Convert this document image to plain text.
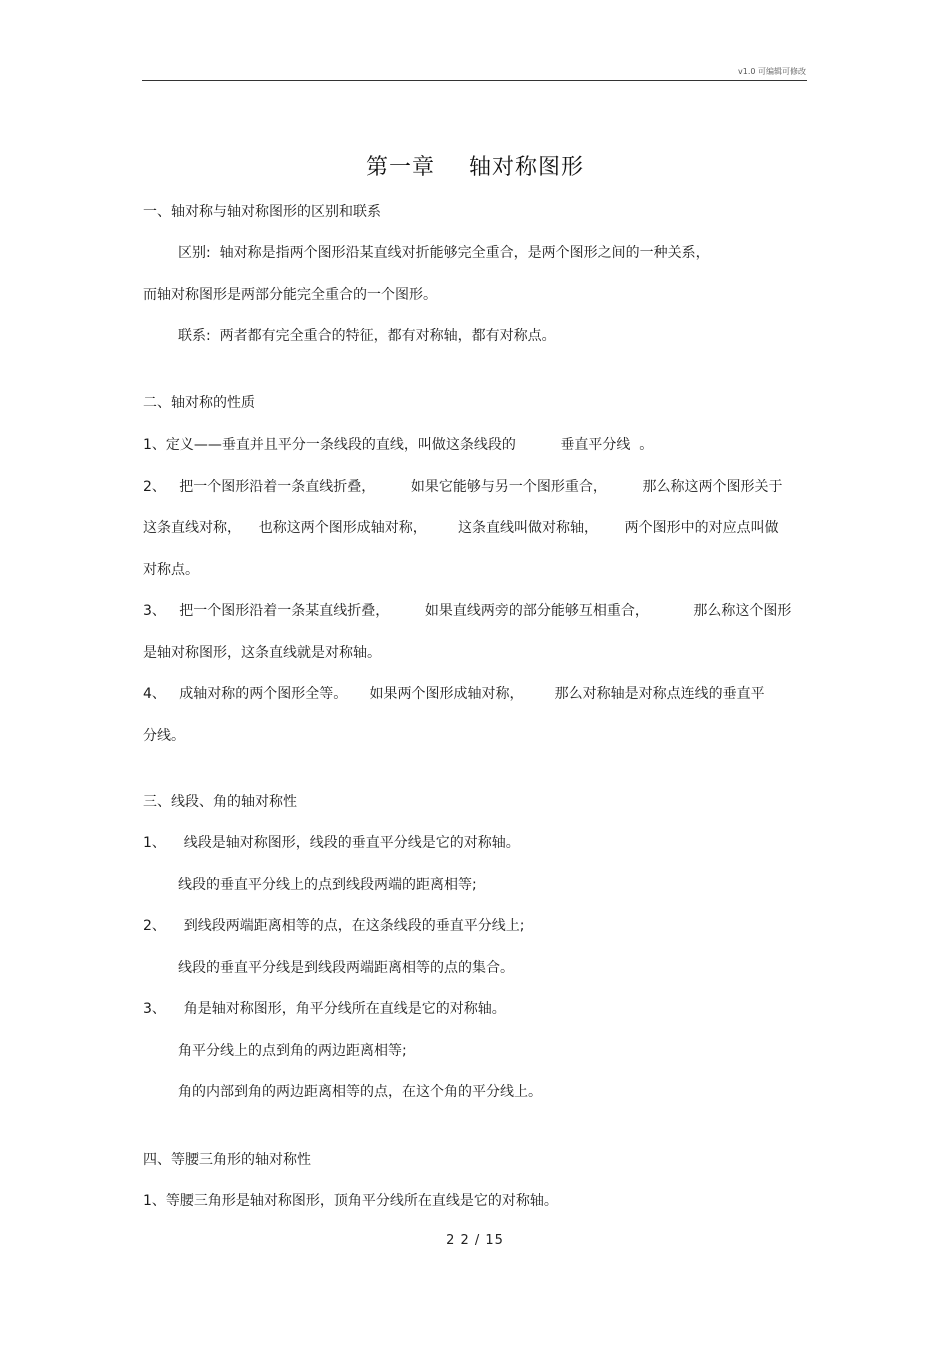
v1.0 可编辑可修改
第一章 轴对称图形
一、轴对称与轴对称图形的区别和联系
区别:  轴对称是指两个图形沿某直线对折能够完全重合，是两个图形之间的一种关系，
而轴对称图形是两部分能完全重合的一个图形。
联系:  两者都有完全重合的特征，都有对称轴，都有对称点。
二、轴对称的性质
1、定义——垂直并且平分一条线段的直线，叫做这条线段的          垂直平分线  。
2、   把一个图形沿着一条直线折叠，        如果它能够与另一个图形重合，        那么称这两个图形关于
这条直线对称，    也称这两个图形成轴对称，       这条直线叫做对称轴，      两个图形中的对应点叫做
对称点。
3、   把一个图形沿着一条某直线折叠，        如果直线两旁的部分能够互相重合，          那么称这个图形
是轴对称图形，这条直线就是对称轴。
4、   成轴对称的两个图形全等。     如果两个图形成轴对称，       那么对称轴是对称点连线的垂直平
分线。
三、线段、角的轴对称性
1、    线段是轴对称图形，线段的垂直平分线是它的对称轴。
线段的垂直平分线上的点到线段两端的距离相等;
2、    到线段两端距离相等的点，在这条线段的垂直平分线上;
线段的垂直平分线是到线段两端距离相等的点的集合。
3、    角是轴对称图形，角平分线所在直线是它的对称轴。
角平分线上的点到角的两边距离相等;
角的内部到角的两边距离相等的点，在这个角的平分线上。
四、等腰三角形的轴对称性
1、等腰三角形是轴对称图形，顶角平分线所在直线是它的对称轴。
2 2 / 15
